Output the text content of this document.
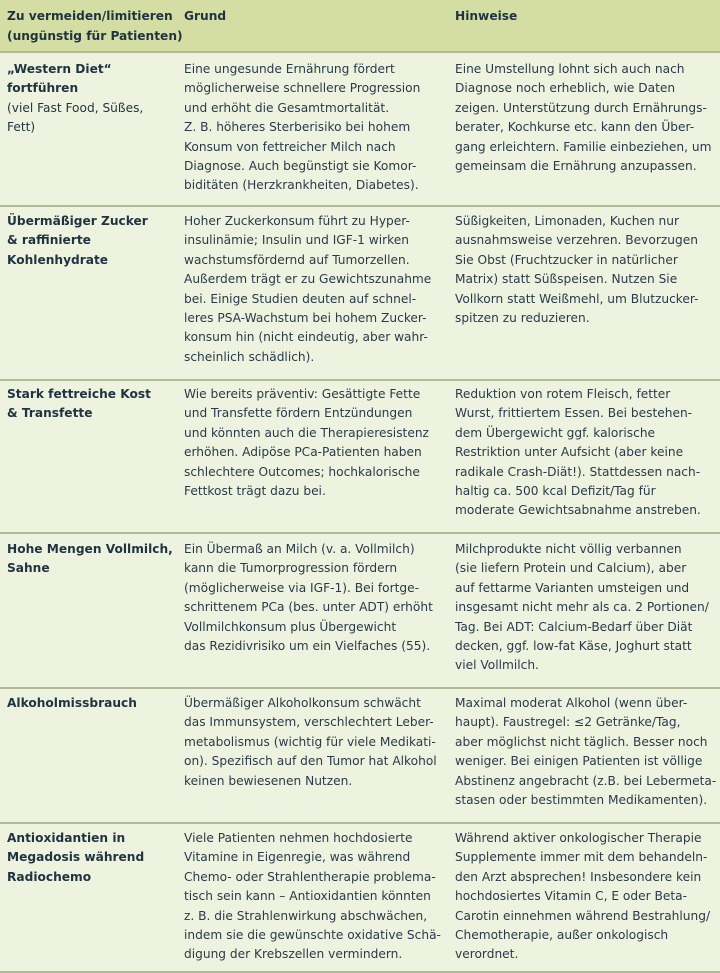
Zu vermeiden/limitieren
(ungünstig für Patienten)
Grund	Hinweise
„Western Diet“
fortführen
(viel Fast Food, Süßes,
Fett)
Eine ungesunde Ernährung fördert
möglicherweise schnellere Progression
und erhöht die Gesamtmortalität.
Z. B. höheres Sterberisiko bei hohem
Konsum von fettreicher Milch nach
Diagnose. Auch begünstigt sie Komor-
biditäten (Herzkrankheiten, Diabetes).
Eine Umstellung lohnt sich auch nach
Diagnose noch erheblich, wie Daten
zeigen. Unterstützung durch Ernährungs-
berater, Kochkurse etc. kann den Über-
gang erleichtern. Familie einbeziehen, um
gemeinsam die Ernährung anzupassen.
Übermäßiger Zucker
& raffinierte
Kohlenhydrate
Hoher Zuckerkonsum führt zu Hyper-
insulinämie; Insulin und IGF-1 wirken
wachstumsfördernd auf Tumorzellen.
Außerdem trägt er zu Gewichtszunahme
bei. Einige Studien deuten auf schnel-
leres PSA-Wachstum bei hohem Zucker-
konsum hin (nicht eindeutig, aber wahr-
scheinlich schädlich).
Süßigkeiten, Limonaden, Kuchen nur
ausnahmsweise verzehren. Bevorzugen
Sie Obst (Fruchtzucker in natürlicher
Matrix) statt Süßspeisen. Nutzen Sie
Vollkorn statt Weißmehl, um Blutzucker-
spitzen zu reduzieren.
Stark fettreiche Kost
& Transfette
Wie bereits präventiv: Gesättigte Fette
und Transfette fördern Entzündungen
und könnten auch die Therapieresistenz
erhöhen. Adipöse PCa-Patienten haben
schlechtere Outcomes; hochkalorische
Fettkost trägt dazu bei.
Reduktion von rotem Fleisch, fetter
Wurst, frittiertem Essen. Bei bestehen-
dem Übergewicht ggf. kalorische
Restriktion unter Aufsicht (aber keine
radikale Crash-Diät!). Stattdessen nach-
haltig ca. 500 kcal Defizit/Tag für
moderate Gewichtsabnahme anstreben.
Hohe Mengen Vollmilch,
Sahne
Ein Übermaß an Milch (v. a. Vollmilch)
kann die Tumorprogression fördern
(möglicherweise via IGF-1). Bei fortge-
schrittenem PCa (bes. unter ADT) erhöht
Vollmilchkonsum plus Übergewicht
das Rezidivrisiko um ein Vielfaches (55).
Milchprodukte nicht völlig verbannen
(sie liefern Protein und Calcium), aber
auf fettarme Varianten umsteigen und
insgesamt nicht mehr als ca. 2 Portionen/
Tag. Bei ADT: Calcium-Bedarf über Diät
decken, ggf. low-fat Käse, Joghurt statt
viel Vollmilch.
Alkoholmissbrauch	Übermäßiger Alkoholkonsum schwächt
das Immunsystem, verschlechtert Leber-
metabolismus (wichtig für viele Medikati-
on). Spezifisch auf den Tumor hat Alkohol
keinen bewiesenen Nutzen.
Maximal moderat Alkohol (wenn über-
haupt). Faustregel: ≤2 Getränke/Tag,
aber möglichst nicht täglich. Besser noch
weniger. Bei einigen Patienten ist völlige
Abstinenz angebracht (z.B. bei Lebermeta-
stasen oder bestimmten Medikamenten).
Antioxidantien in
Megadosis während
Radiochemo
Viele Patienten nehmen hochdosierte
Vitamine in Eigenregie, was während
Chemo- oder Strahlentherapie problema-
tisch sein kann – Antioxidantien könnten
z. B. die Strahlenwirkung abschwächen,
indem sie die gewünschte oxidative Schä-
digung der Krebszellen vermindern.
Während aktiver onkologischer Therapie
Supplemente immer mit dem behandeln-
den Arzt absprechen! Insbesondere kein
hochdosiertes Vitamin C, E oder Beta-
Carotin einnehmen während Bestrahlung/
Chemotherapie, außer onkologisch
verordnet.
